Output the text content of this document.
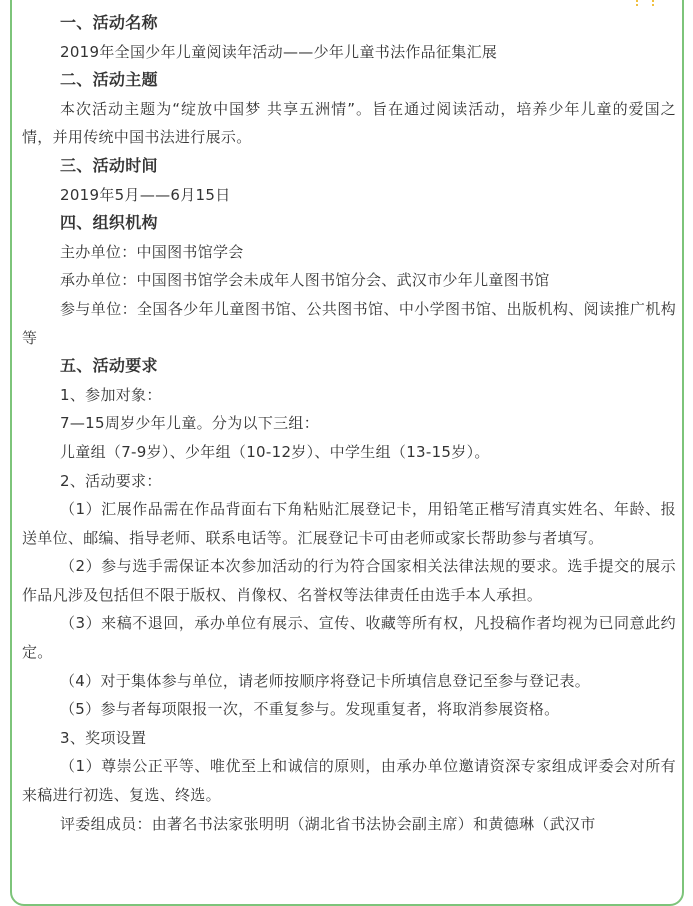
一、活动名称

2019年全国少年儿童阅读年活动——少年儿童书法作品征集汇展

二、活动主题

本次活动主题为“绽放中国梦 共享五洲情”。旨在通过阅读活动，培养少年儿童的爱国之情，并用传统中国书法进行展示。

三、活动时间

2019年5月——6月15日

四、组织机构

主办单位：中国图书馆学会

承办单位：中国图书馆学会未成年人图书馆分会、武汉市少年儿童图书馆

参与单位：全国各少年儿童图书馆、公共图书馆、中小学图书馆、出版机构、阅读推广机构等

五、活动要求

1、参加对象：

7—15周岁少年儿童。分为以下三组：

儿童组（7-9岁）、少年组（10-12岁）、中学生组（13-15岁）。

2、活动要求：

（1）汇展作品需在作品背面右下角粘贴汇展登记卡，用铅笔正楷写清真实姓名、年龄、报送单位、邮编、指导老师、联系电话等。汇展登记卡可由老师或家长帮助参与者填写。

（2）参与选手需保证本次参加活动的行为符合国家相关法律法规的要求。选手提交的展示作品凡涉及包括但不限于版权、肖像权、名誉权等法律责任由选手本人承担。

（3）来稿不退回，承办单位有展示、宣传、收藏等所有权，凡投稿作者均视为已同意此约定。

（4）对于集体参与单位，请老师按顺序将登记卡所填信息登记至参与登记表。

（5）参与者每项限报一次，不重复参与。发现重复者，将取消参展资格。

3、奖项设置

（1）尊崇公正平等、唯优至上和诚信的原则，由承办单位邀请资深专家组成评委会对所有来稿进行初选、复选、终选。

评委组成员：由著名书法家张明明（湖北省书法协会副主席）和黄德琳（武汉市
